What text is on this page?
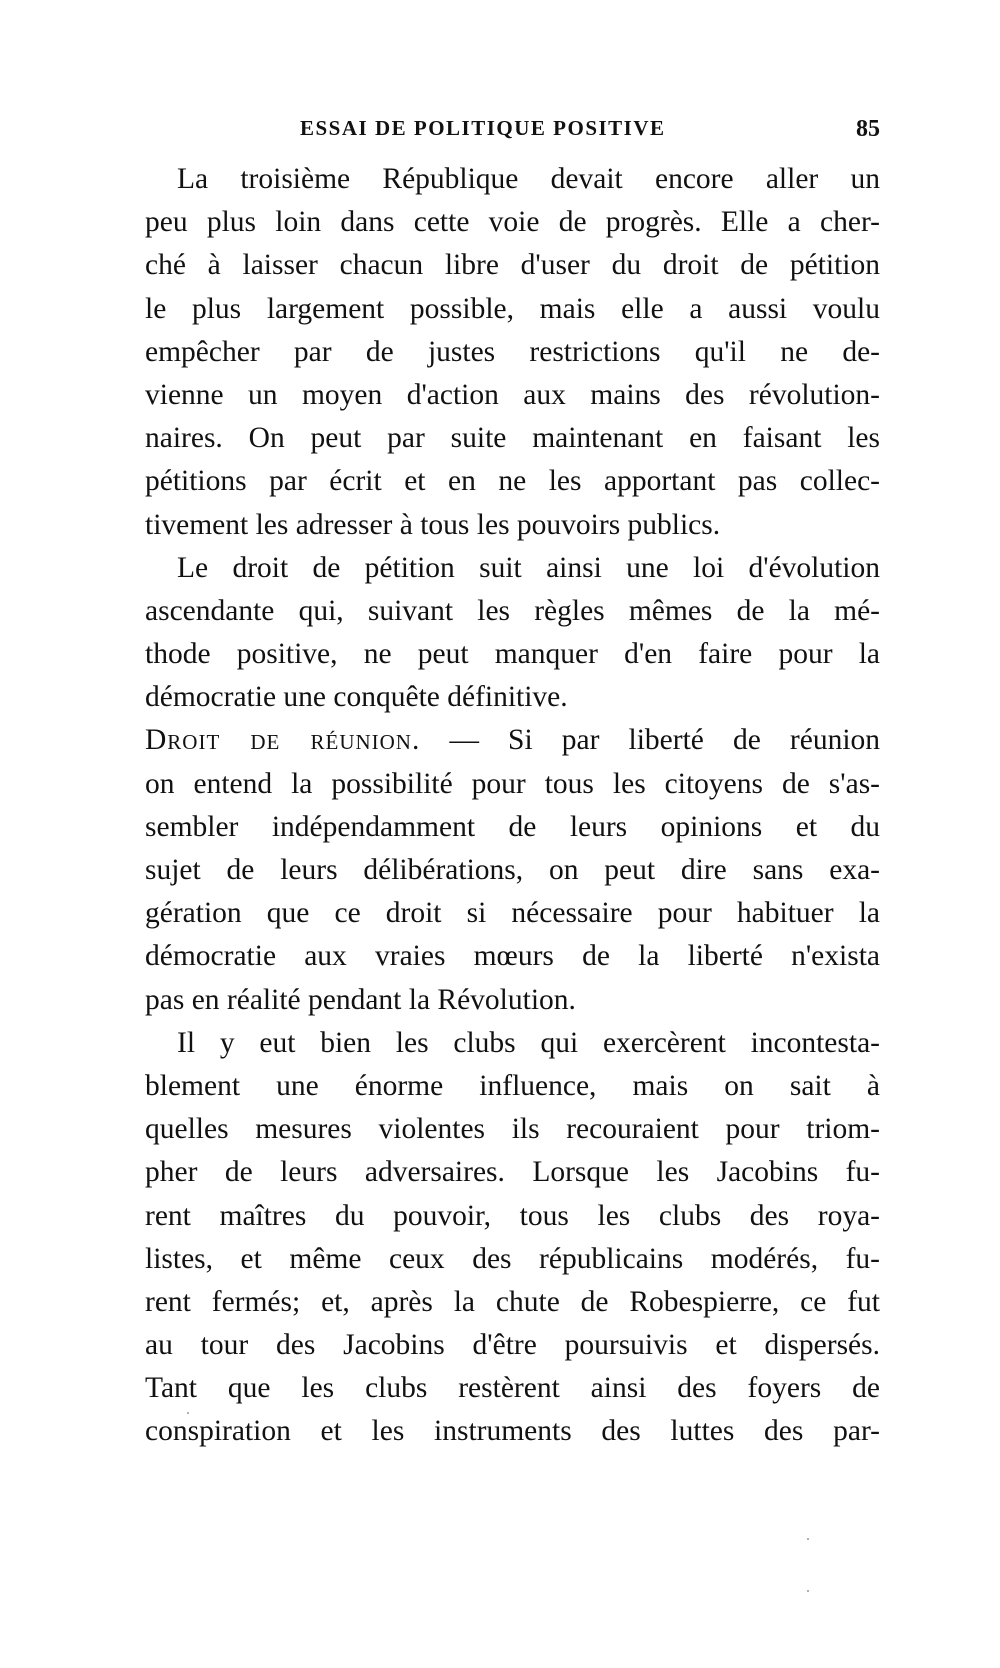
ESSAI DE POLITIQUE POSITIVE	85
La troisième République devait encore aller un
peu plus loin dans cette voie de progrès. Elle a cher-
ché à laisser chacun libre d'user du droit de pétition
le plus largement possible, mais elle a aussi voulu
empêcher par de justes restrictions qu'il ne de-
vienne un moyen d'action aux mains des révolution-
naires. On peut par suite maintenant en faisant les
pétitions par écrit et en ne les apportant pas collec-
tivement les adresser à tous les pouvoirs publics.
Le droit de pétition suit ainsi une loi d'évolution
ascendante qui, suivant les règles mêmes de la mé-
thode positive, ne peut manquer d'en faire pour la
démocratie une conquête définitive.
Droit de réunion. — Si par liberté de réunion
on entend la possibilité pour tous les citoyens de s'as-
sembler indépendamment de leurs opinions et du
sujet de leurs délibérations, on peut dire sans exa-
gération que ce droit si nécessaire pour habituer la
démocratie aux vraies mœurs de la liberté n'exista
pas en réalité pendant la Révolution.
Il y eut bien les clubs qui exercèrent incontesta-
blement une énorme influence, mais on sait à
quelles mesures violentes ils recouraient pour triom-
pher de leurs adversaires. Lorsque les Jacobins fu-
rent maîtres du pouvoir, tous les clubs des roya-
listes, et même ceux des républicains modérés, fu-
rent fermés; et, après la chute de Robespierre, ce fut
au tour des Jacobins d'être poursuivis et dispersés.
Tant que les clubs restèrent ainsi des foyers de
conspiration et les instruments des luttes des par-
